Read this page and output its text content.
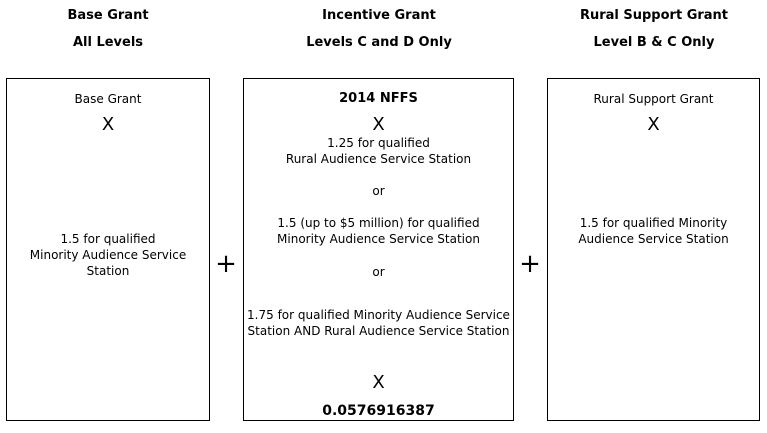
Base Grant
All Levels
Incentive Grant
Levels C and D Only
Rural Support Grant
Level B & C Only
Base Grant
X
1.5 for qualified
Minority Audience Service
Station	+
2014 NFFS
X
1.25 for qualified
Rural Audience Service Station
or
1.5 (up to $5 million) for qualified
Minority Audience Service Station
or
1.75 for qualified Minority Audience Service
Station AND Rural Audience Service Station
X
0.0576916387
+
Rural Support Grant
X
1.5 for qualified Minority
Audience Service Station
